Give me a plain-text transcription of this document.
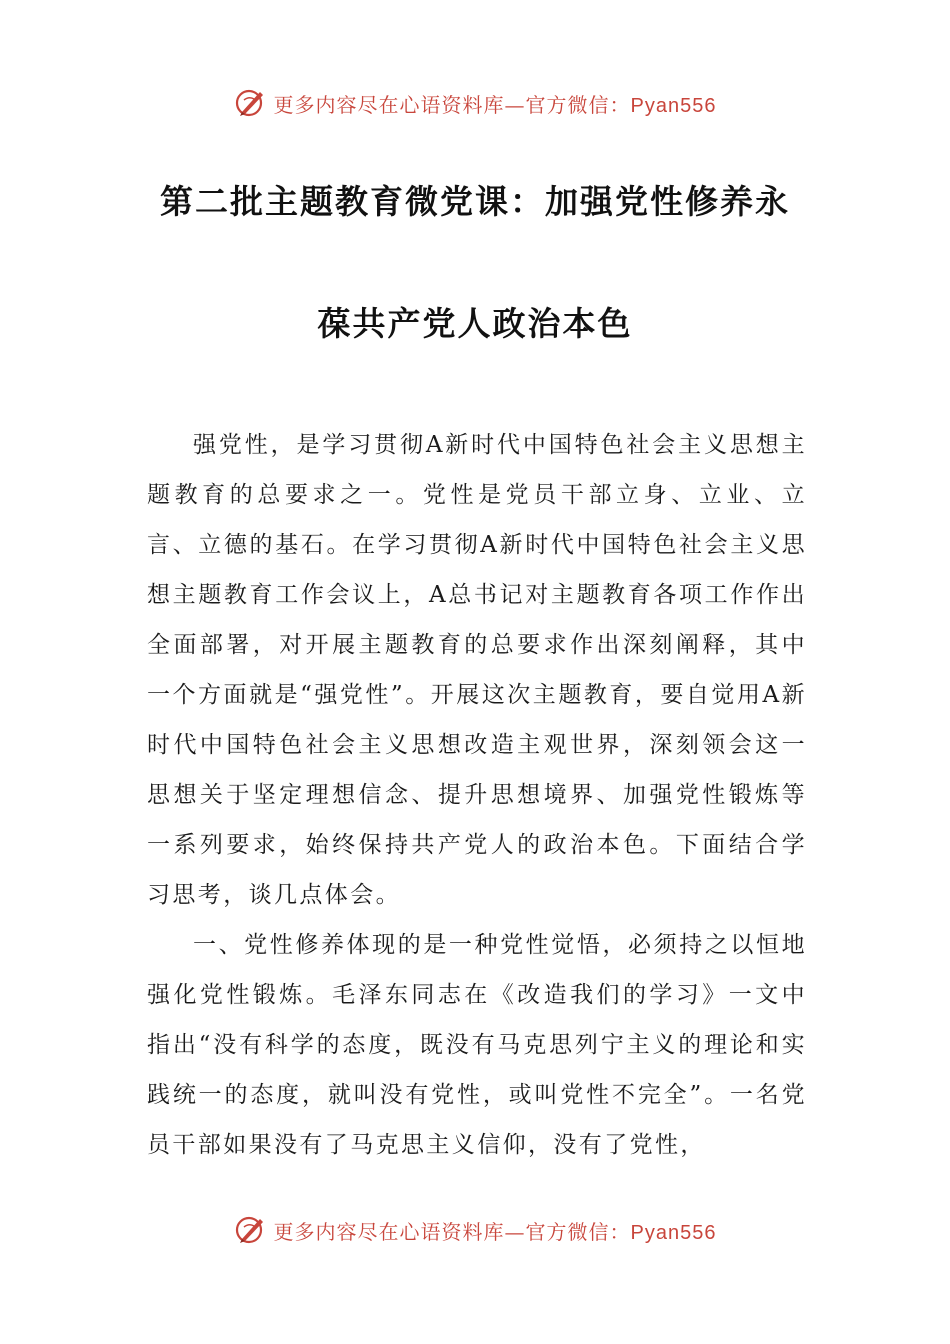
更多内容尽在心语资料库—官方微信：Pyan556
第二批主题教育微党课：加强党性修养永
葆共产党人政治本色

强党性，是学习贯彻A新时代中国特色社会主义思想主题教育的总要求之一。党性是党员干部立身、立业、立言、立德的基石。在学习贯彻A新时代中国特色社会主义思想主题教育工作会议上，A总书记对主题教育各项工作作出全面部署，对开展主题教育的总要求作出深刻阐释，其中一个方面就是“强党性”。开展这次主题教育，要自觉用A新时代中国特色社会主义思想改造主观世界，深刻领会这一思想关于坚定理想信念、提升思想境界、加强党性锻炼等一系列要求，始终保持共产党人的政治本色。下面结合学习思考，谈几点体会。

一、党性修养体现的是一种党性觉悟，必须持之以恒地强化党性锻炼。毛泽东同志在《改造我们的学习》一文中指出“没有科学的态度，既没有马克思列宁主义的理论和实践统一的态度，就叫没有党性，或叫党性不完全”。一名党员干部如果没有了马克思主义信仰，没有了党性，

更多内容尽在心语资料库—官方微信：Pyan556
